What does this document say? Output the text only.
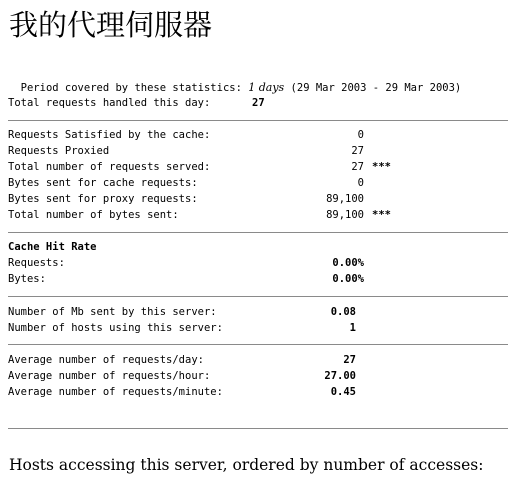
我的代理伺服器

Period covered by these statistics: 1 days (29 Mar 2003 - 29 Mar 2003)

Total requests handled this day:	27
Requests Satisfied by the cache:	0
Requests Proxied	27
Total number of requests served:	27 ***
Bytes sent for cache requests:	0
Bytes sent for proxy requests:	89,100
Total number of bytes sent:	89,100 ***
Cache Hit Rate
Requests:	0.00%
Bytes:	0.00%
Number of Mb sent by this server:	0.08
Number of hosts using this server:	1
Average number of requests/day:	27
Average number of requests/hour:	27.00
Average number of requests/minute:	0.45
Hosts accessing this server, ordered by number of accesses:
